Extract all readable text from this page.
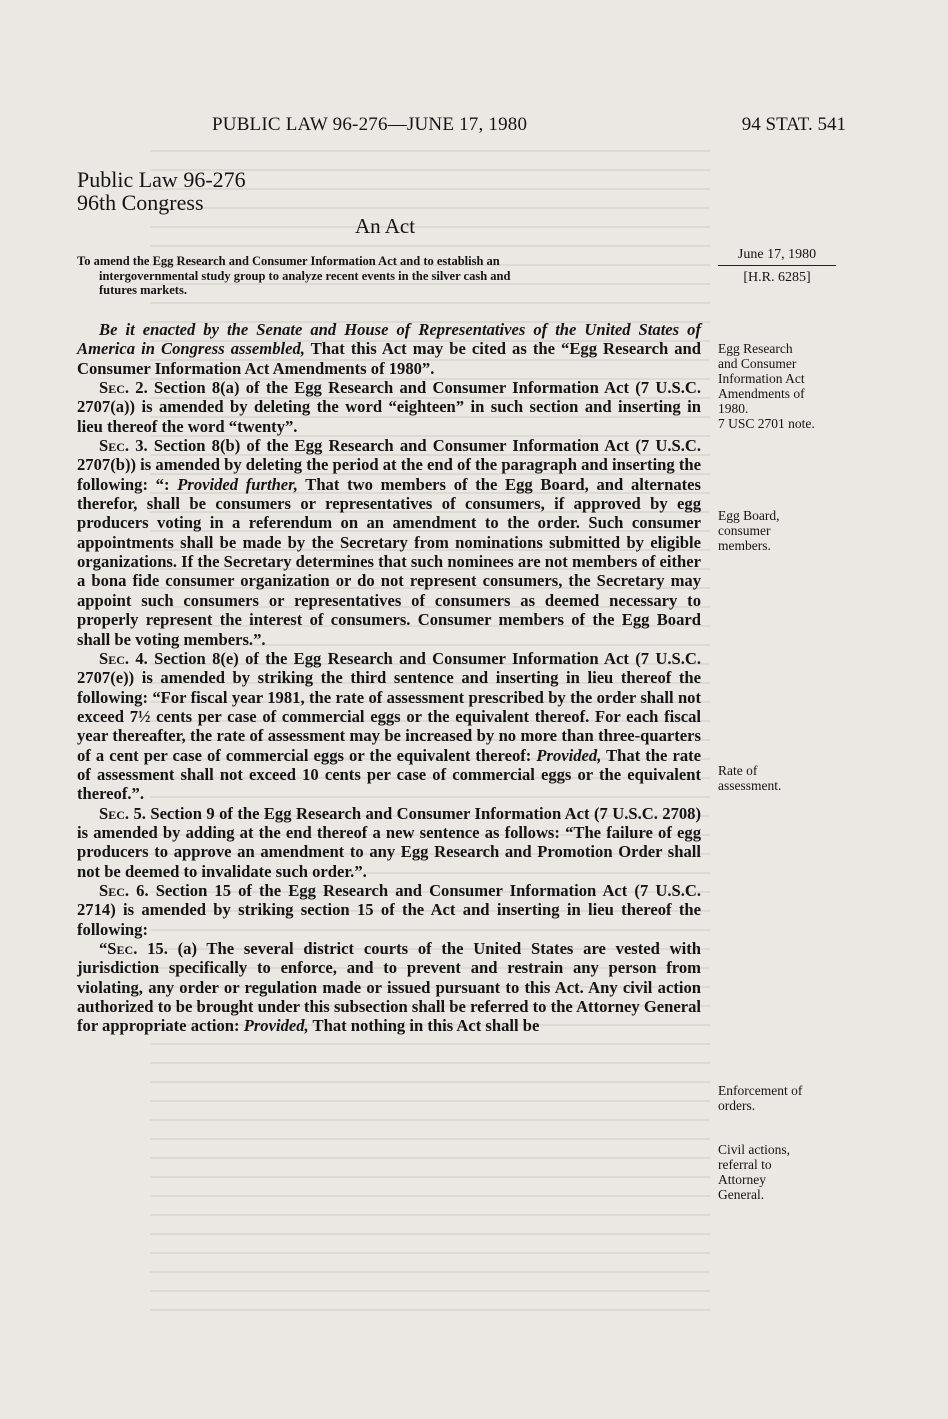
PUBLIC LAW 96-276—JUNE 17, 1980	94 STAT. 541
Public Law 96-276
96th Congress
An Act
To amend the Egg Research and Consumer Information Act and to establish an
intergovernmental study group to analyze recent events in the silver cash and
futures markets.
June 17, 1980
[H.R. 6285]

Be it enacted by the Senate and House of Representatives of the United States of America in Congress assembled, That this Act may be cited as the “Egg Research and Consumer Information Act Amendments of 1980”.

Sec. 2. Section 8(a) of the Egg Research and Consumer Information Act (7 U.S.C. 2707(a)) is amended by deleting the word “eighteen” in such section and inserting in lieu thereof the word “twenty”.

Sec. 3. Section 8(b) of the Egg Research and Consumer Information Act (7 U.S.C. 2707(b)) is amended by deleting the period at the end of the paragraph and inserting the following: “: Provided further, That two members of the Egg Board, and alternates therefor, shall be consumers or representatives of consumers, if approved by egg producers voting in a referendum on an amendment to the order. Such consumer appointments shall be made by the Secretary from nominations submitted by eligible organizations. If the Secretary determines that such nominees are not members of either a bona fide consumer organization or do not represent consumers, the Secretary may appoint such consumers or representatives of consumers as deemed necessary to properly represent the interest of consumers. Consumer members of the Egg Board shall be voting members.”.

Sec. 4. Section 8(e) of the Egg Research and Consumer Information Act (7 U.S.C. 2707(e)) is amended by striking the third sentence and inserting in lieu thereof the following: “For fiscal year 1981, the rate of assessment prescribed by the order shall not exceed 7½ cents per case of commercial eggs or the equivalent thereof. For each fiscal year thereafter, the rate of assessment may be increased by no more than three-quarters of a cent per case of commercial eggs or the equivalent thereof: Provided, That the rate of assessment shall not exceed 10 cents per case of commercial eggs or the equivalent thereof.”.

Sec. 5. Section 9 of the Egg Research and Consumer Information Act (7 U.S.C. 2708) is amended by adding at the end thereof a new sentence as follows: “The failure of egg producers to approve an amendment to any Egg Research and Promotion Order shall not be deemed to invalidate such order.”.

Sec. 6. Section 15 of the Egg Research and Consumer Information Act (7 U.S.C. 2714) is amended by striking section 15 of the Act and inserting in lieu thereof the following:

“Sec. 15. (a) The several district courts of the United States are vested with jurisdiction specifically to enforce, and to prevent and restrain any person from violating, any order or regulation made or issued pursuant to this Act. Any civil action authorized to be brought under this subsection shall be referred to the Attorney General for appropriate action: Provided, That nothing in this Act shall be

Egg Research
and Consumer
Information Act
Amendments of
1980.
7 USC 2701 note.
Egg Board,
consumer
members.
Rate of
assessment.
Enforcement of
orders.
Civil actions,
referral to
Attorney
General.
